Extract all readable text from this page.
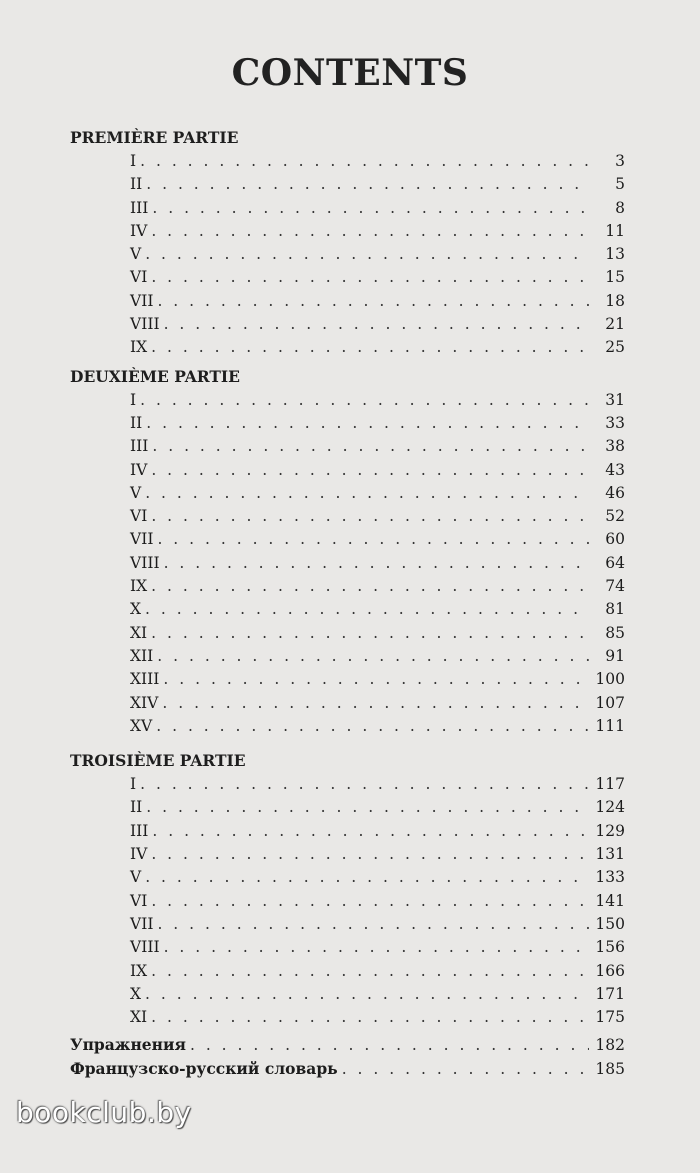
CONTENTS
PREMIÈRE PARTIE
I . . .	3
II . . .	5
III . . .	8
IV . . .	11
V . . .	13
VI . . .	15
VII . . .	18
VIII . . .	21
IX . . .	25
DEUXIÈME PARTIE
I . . .	31
II . . .	33
III . . .	38
IV . . .	43
V . . .	46
VI . . .	52
VII . . .	60
VIII . . .	64
IX . . .	74
X . . .	81
XI . . .	85
XII . . .	91
XIII . . .	100
XIV . . .	107
XV . . .	111
TROISIÈME PARTIE
I . . .	117
II . . .	124
III . . .	129
IV . . .	131
V . . .	133
VI . . .	141
VII . . .	150
VIII . . .	156
IX . . .	166
X . . .	171
XI . . .	175
Упражнения . . .	182
Французско-русский словарь . . .	185
bookclub.by
